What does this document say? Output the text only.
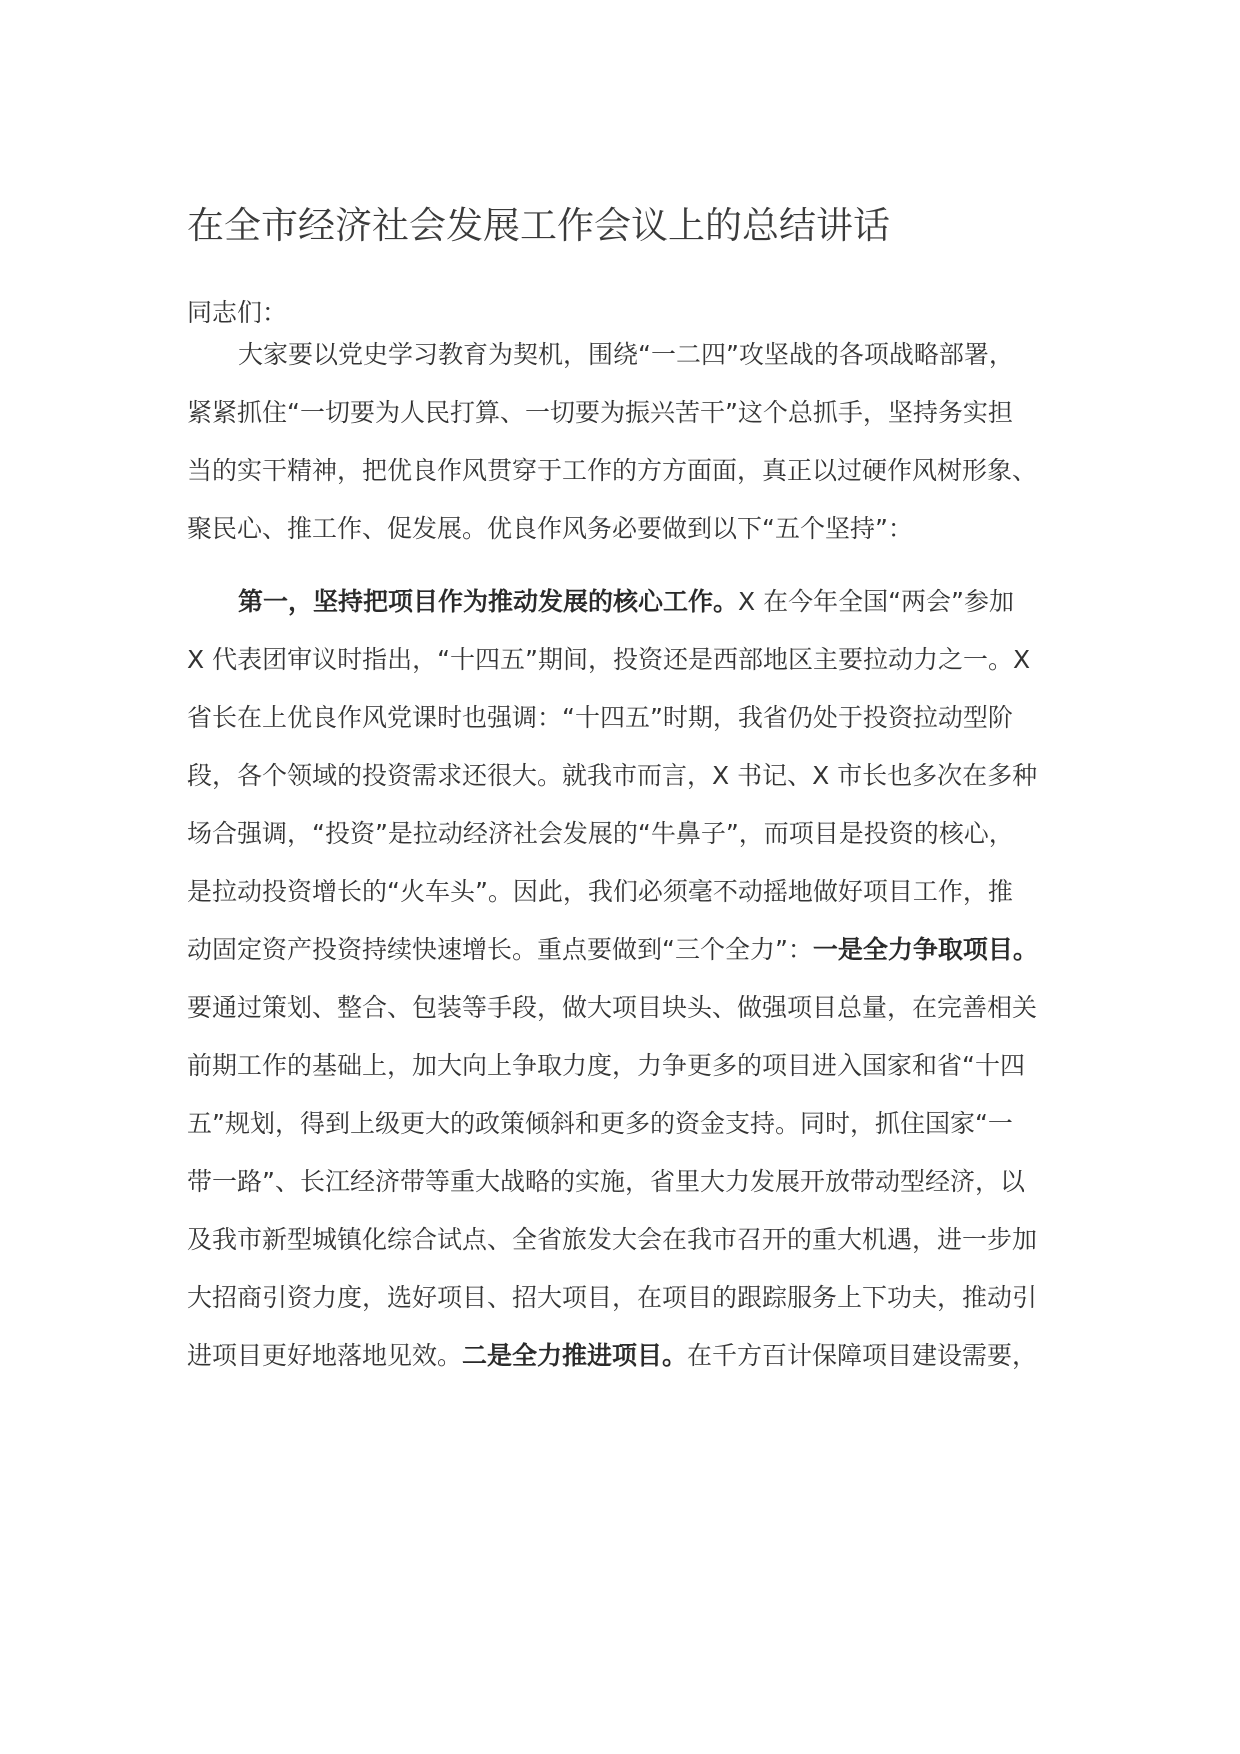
在全市经济社会发展工作会议上的总结讲话

同志们：

大家要以党史学习教育为契机，围绕“一二四”攻坚战的各项战略部署，

紧紧抓住“一切要为人民打算、一切要为振兴苦干”这个总抓手，坚持务实担

当的实干精神，把优良作风贯穿于工作的方方面面，真正以过硬作风树形象、

聚民心、推工作、促发展。优良作风务必要做到以下“五个坚持”：

第一，坚持把项目作为推动发展的核心工作。X 在今年全国“两会”参加

X 代表团审议时指出，“十四五”期间，投资还是西部地区主要拉动力之一。X

省长在上优良作风党课时也强调：“十四五”时期，我省仍处于投资拉动型阶

段，各个领域的投资需求还很大。就我市而言，X 书记、X 市长也多次在多种

场合强调，“投资”是拉动经济社会发展的“牛鼻子”，而项目是投资的核心，

是拉动投资增长的“火车头”。因此，我们必须毫不动摇地做好项目工作，推

动固定资产投资持续快速增长。重点要做到“三个全力”：一是全力争取项目。

要通过策划、整合、包装等手段，做大项目块头、做强项目总量，在完善相关

前期工作的基础上，加大向上争取力度，力争更多的项目进入国家和省“十四

五”规划，得到上级更大的政策倾斜和更多的资金支持。同时，抓住国家“一

带一路”、长江经济带等重大战略的实施，省里大力发展开放带动型经济，以

及我市新型城镇化综合试点、全省旅发大会在我市召开的重大机遇，进一步加

大招商引资力度，选好项目、招大项目，在项目的跟踪服务上下功夫，推动引

进项目更好地落地见效。二是全力推进项目。在千方百计保障项目建设需要，
